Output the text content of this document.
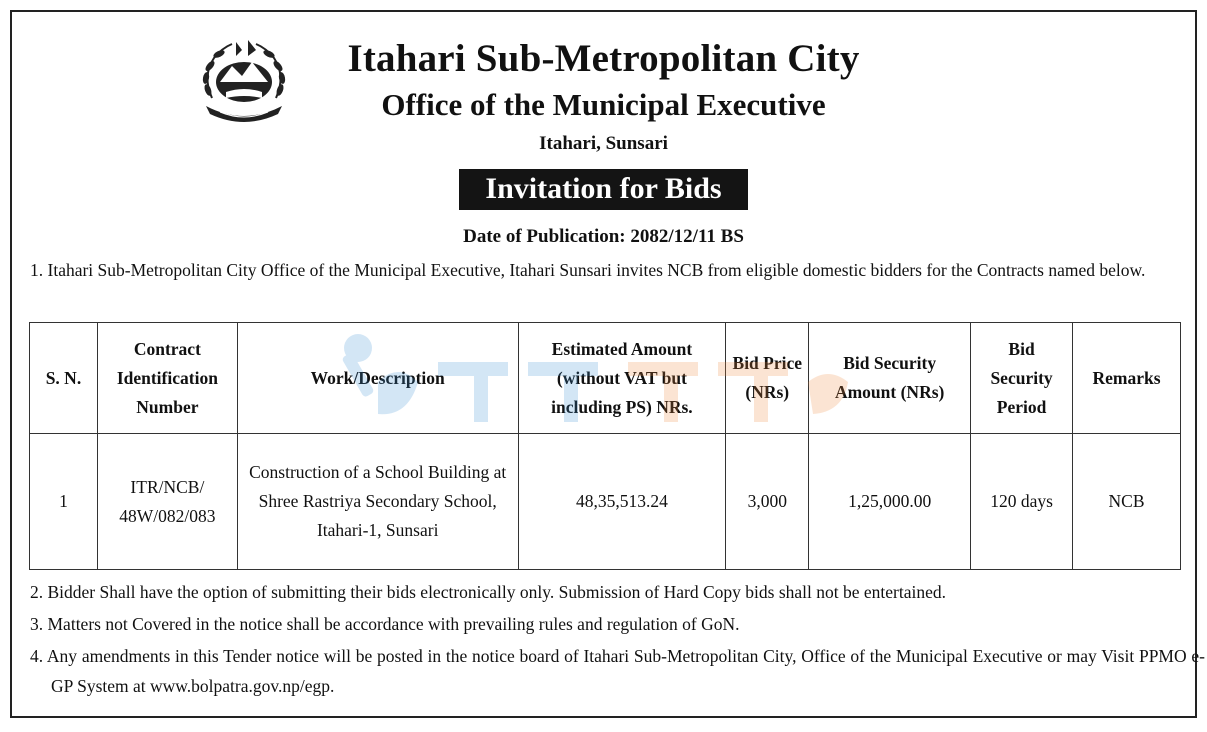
Itahari Sub-Metropolitan City
Office of the Municipal Executive
Itahari, Sunsari
Invitation for Bids
Date of Publication: 2082/12/11 BS
1. Itahari Sub-Metropolitan City Office of the Municipal Executive, Itahari Sunsari invites NCB from eligible domestic bidders for the Contracts named below.
S. N.	Contract Identification Number	Work/Description	Estimated Amount (without VAT but including PS) NRs.	Bid Price (NRs)	Bid Security Amount (NRs)	Bid Security Period	Remarks
1	ITR/NCB/ 48W/082/083	Construction of a School Building at Shree Rastriya Secondary School, Itahari-1, Sunsari	48,35,513.24	3,000	1,25,000.00	120 days	NCB
2. Bidder Shall have the option of submitting their bids electronically only. Submission of Hard Copy bids shall not be entertained.
3. Matters not Covered in the notice shall be accordance with prevailing rules and regulation of GoN.
4. Any amendments in this Tender notice will be posted in the notice board of Itahari Sub-Metropolitan City, Office of the Municipal Executive or may Visit PPMO e-GP System at www.bolpatra.gov.np/egp.
